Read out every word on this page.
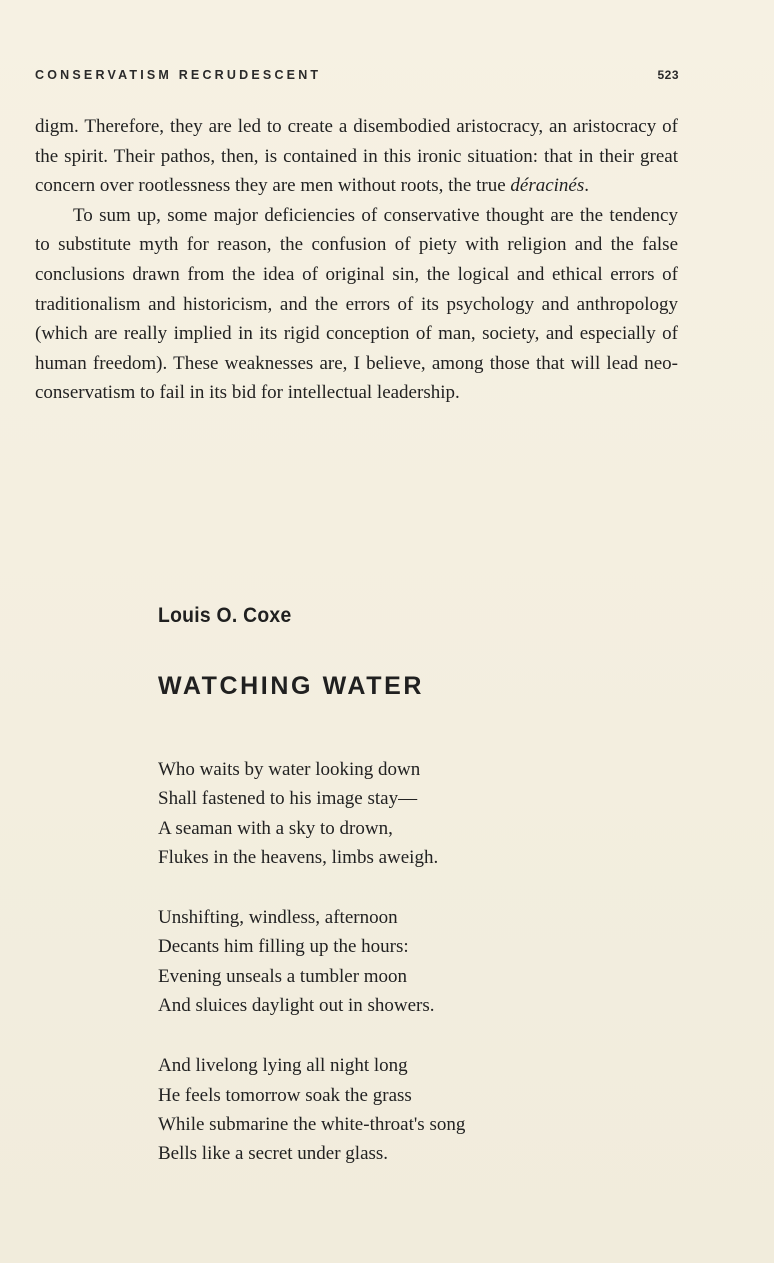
CONSERVATISM RECRUDESCENT	523

digm. Therefore, they are led to create a disembodied aristocracy, an aristocracy of the spirit. Their pathos, then, is contained in this ironic situation: that in their great concern over rootlessness they are men without roots, the true déracinés.

To sum up, some major deficiencies of conservative thought are the tendency to substitute myth for reason, the confusion of piety with religion and the false conclusions drawn from the idea of original sin, the logical and ethical errors of traditionalism and historicism, and the errors of its psychology and anthropology (which are really implied in its rigid conception of man, society, and especially of human freedom). These weaknesses are, I believe, among those that will lead neo-conservatism to fail in its bid for intellectual leadership.

Louis O. Coxe
WATCHING WATER
Who waits by water looking down
Shall fastened to his image stay—
A seaman with a sky to drown,
Flukes in the heavens, limbs aweigh.
Unshifting, windless, afternoon
Decants him filling up the hours:
Evening unseals a tumbler moon
And sluices daylight out in showers.
And livelong lying all night long
He feels tomorrow soak the grass
While submarine the white-throat's song
Bells like a secret under glass.
